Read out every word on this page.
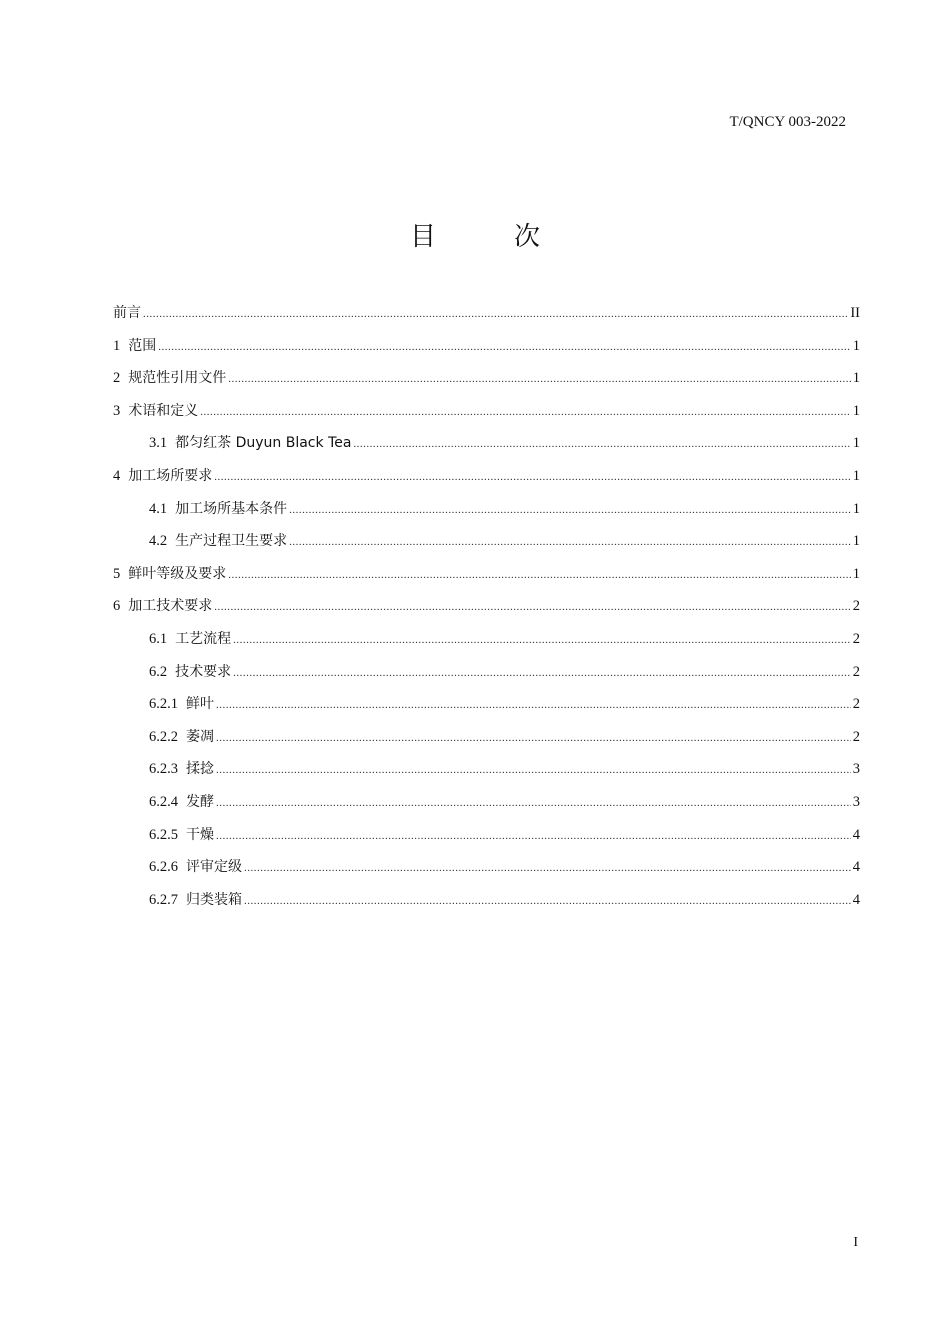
T/QNCY 003-2022
目　次
前言 .....	II
1 范围 .....	1
2 规范性引用文件 .....	1
3 术语和定义 .....	1
3.1 都匀红茶 Duyun Black Tea .....	1
4 加工场所要求 .....	1
4.1 加工场所基本条件 .....	1
4.2 生产过程卫生要求 .....	1
5 鲜叶等级及要求 .....	1
6 加工技术要求 .....	2
6.1 工艺流程 .....	2
6.2 技术要求 .....	2
6.2.1 鲜叶 .....	2
6.2.2 萎凋 .....	2
6.2.3 揉捻 .....	3
6.2.4 发酵 .....	3
6.2.5 干燥 .....	4
6.2.6 评审定级 .....	4
6.2.7 归类装箱 .....	4
I
